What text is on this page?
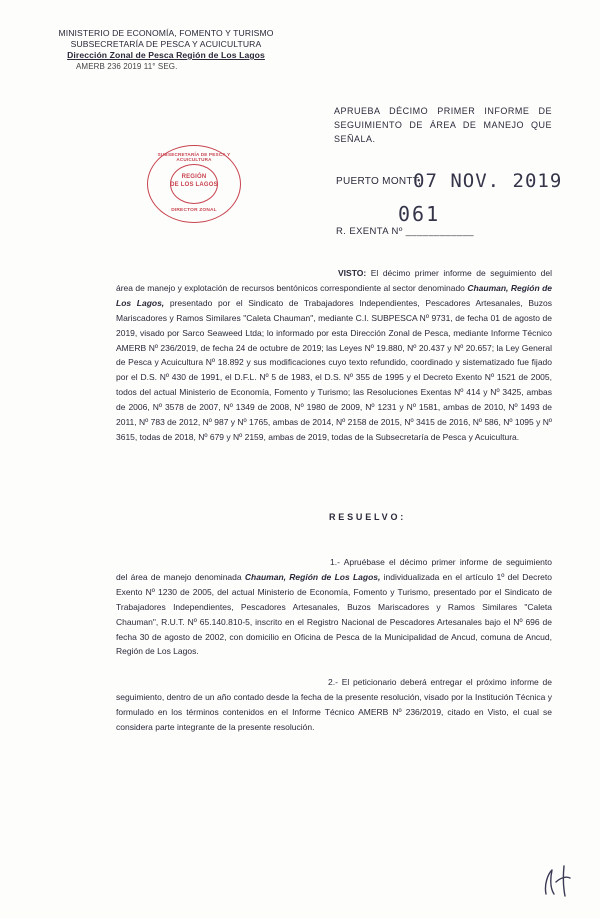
MINISTERIO DE ECONOMÍA, FOMENTO Y TURISMO
SUBSECRETARÍA DE PESCA Y ACUICULTURA
Dirección Zonal de Pesca Región de Los Lagos
AMERB 236 2019 11° SEG.
APRUEBA DÉCIMO PRIMER INFORME DE SEGUIMIENTO DE ÁREA DE MANEJO QUE SEÑALA.
SUBSECRETARÍA DE PESCA Y ACUICULTURA
REGIÓN
DE LOS LAGOS
DIRECTOR ZONAL
PUERTO MONTT,
07 NOV. 2019
061
R. EXENTA Nº ____________
VISTO: El décimo primer informe de seguimiento del área de manejo y explotación de recursos bentónicos correspondiente al sector denominado Chauman, Región de Los Lagos, presentado por el Sindicato de Trabajadores Independientes, Pescadores Artesanales, Buzos Mariscadores y Ramos Similares "Caleta Chauman", mediante C.I. SUBPESCA Nº 9731, de fecha 01 de agosto de 2019, visado por Sarco Seaweed Ltda; lo informado por esta Dirección Zonal de Pesca, mediante Informe Técnico AMERB Nº 236/2019, de fecha 24 de octubre de 2019; las Leyes Nº 19.880, Nº 20.437 y Nº 20.657; la Ley General de Pesca y Acuicultura Nº 18.892 y sus modificaciones cuyo texto refundido, coordinado y sistematizado fue fijado por el D.S. Nº 430 de 1991, el D.F.L. Nº 5 de 1983, el D.S. Nº 355 de 1995 y el Decreto Exento Nº 1521 de 2005, todos del actual Ministerio de Economía, Fomento y Turismo; las Resoluciones Exentas Nº 414 y Nº 3425, ambas de 2006, Nº 3578 de 2007, Nº 1349 de 2008, Nº 1980 de 2009, Nº 1231 y Nº 1581, ambas de 2010, Nº 1493 de 2011, Nº 783 de 2012, Nº 987 y Nº 1765, ambas de 2014, Nº 2158 de 2015, Nº 3415 de 2016, Nº 586, Nº 1095 y Nº 3615, todas de 2018, Nº 679 y Nº 2159, ambas de 2019, todas de la Subsecretaría de Pesca y Acuicultura.
RESUELVO:
1.- Apruébase el décimo primer informe de seguimiento del área de manejo denominada Chauman, Región de Los Lagos, individualizada en el artículo 1º del Decreto Exento Nº 1230 de 2005, del actual Ministerio de Economía, Fomento y Turismo, presentado por el Sindicato de Trabajadores Independientes, Pescadores Artesanales, Buzos Mariscadores y Ramos Similares "Caleta Chauman", R.U.T. Nº 65.140.810-5, inscrito en el Registro Nacional de Pescadores Artesanales bajo el Nº 696 de fecha 30 de agosto de 2002, con domicilio en Oficina de Pesca de la Municipalidad de Ancud, comuna de Ancud, Región de Los Lagos.
2.- El peticionario deberá entregar el próximo informe de seguimiento, dentro de un año contado desde la fecha de la presente resolución, visado por la Institución Técnica y formulado en los términos contenidos en el Informe Técnico AMERB Nº 236/2019, citado en Visto, el cual se considera parte integrante de la presente resolución.
